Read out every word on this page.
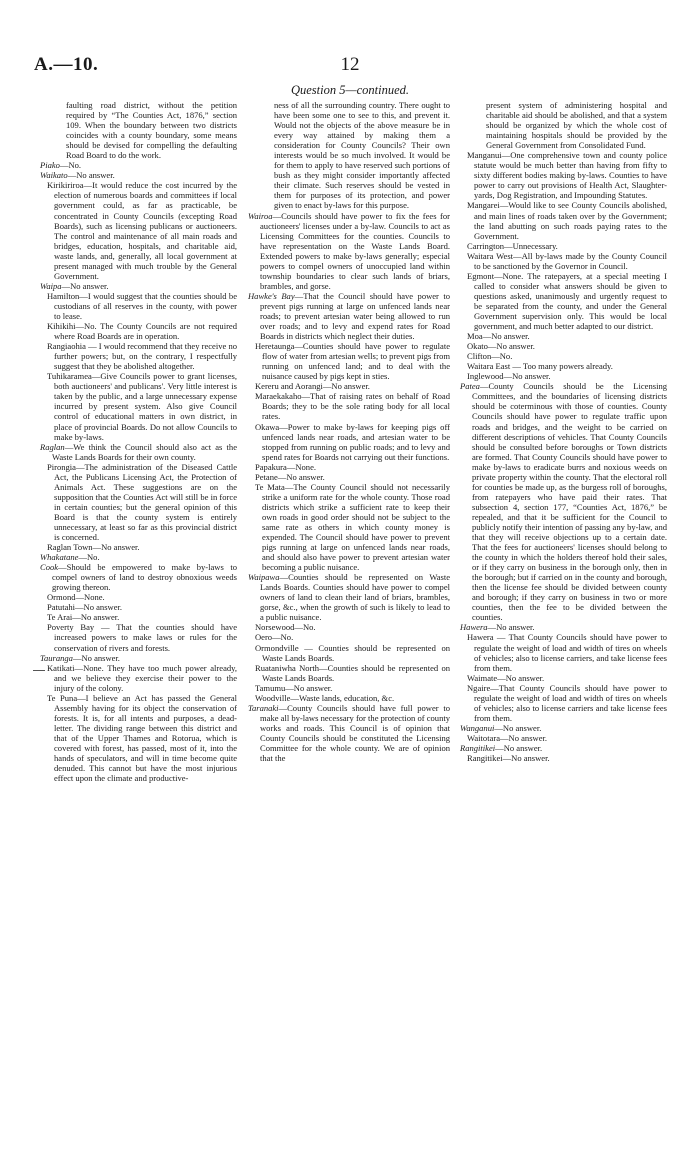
A.—10.	12
Question 5—continued.

faulting road district, without the petition required by “The Counties Act, 1876,” section 109. When the boundary between two districts coincides with a county boundary, some means should be devised for compelling the defaulting Road Board to do the work.

Piako—No.

Waikato—No answer.

Kirikiriroa—It would reduce the cost incurred by the election of numerous boards and committees if local government could, as far as practicable, be concentrated in County Councils (excepting Road Boards), such as licensing publicans or auctioneers. The control and maintenance of all main roads and bridges, education, hospitals, and charitable aid, waste lands, and, generally, all local government at present managed with much trouble by the General Government.

Waipa—No answer.

Hamilton—I would suggest that the counties should be custodians of all reserves in the county, with power to lease.

Kihikihi—No. The County Councils are not required where Road Boards are in operation.

Rangiaohia — I would recommend that they receive no further powers; but, on the contrary, I respectfully suggest that they be abolished altogether.

Tuhikaramea—Give Councils power to grant licenses, both auctioneers' and publicans'. Very little interest is taken by the public, and a large unnecessary expense incurred by present system. Also give Council control of educational matters in own district, in place of provincial Boards. Do not allow Councils to make by-laws.

Raglan—We think the Council should also act as the Waste Lands Boards for their own county.

Pirongia—The administration of the Diseased Cattle Act, the Publicans Licensing Act, the Protection of Animals Act. These suggestions are on the supposition that the Counties Act will still be in force in certain counties; but the general opinion of this Board is that the county system is entirely unnecessary, at least so far as this provincial district is concerned.

Raglan Town—No answer.

Whakatane—No.

Cook—Should be empowered to make by-laws to compel owners of land to destroy obnoxious weeds growing thereon.

Ormond—None.

Patutahi—No answer.

Te Arai—No answer.

Poverty Bay — That the counties should have increased powers to make laws or rules for the conservation of rivers and forests.

Tauranga—No answer.

Katikati—None. They have too much power already, and we believe they exercise their power to the injury of the colony.

Te Puna—I believe an Act has passed the General Assembly having for its object the conservation of forests. It is, for all intents and purposes, a dead-letter. The dividing range between this district and that of the Upper Thames and Rotorua, which is covered with forest, has passed, most of it, into the hands of speculators, and will in time become quite denuded. This cannot but have the most injurious effect upon the climate and productive-

ness of all the surrounding country. There ought to have been some one to see to this, and prevent it. Would not the objects of the above measure be in every way attained by making them a consideration for County Councils? Their own interests would be so much involved. It would be for them to apply to have reserved such portions of bush as they might consider importantly affected their climate. Such reserves should be vested in them for purposes of its protection, and power given to enact by-laws for this purpose.

Wairoa—Councils should have power to fix the fees for auctioneers' licenses under a by-law. Councils to act as Licensing Committees for the counties. Councils to have representation on the Waste Lands Board. Extended powers to make by-laws generally; especial powers to compel owners of unoccupied land within township boundaries to clear such lands of briars, brambles, and gorse.

Hawke's Bay—That the Council should have power to prevent pigs running at large on unfenced lands near roads; to prevent artesian water being allowed to run over roads; and to levy and expend rates for Road Boards in districts which neglect their duties.

Heretaunga—Counties should have power to regulate flow of water from artesian wells; to prevent pigs from running on unfenced land; and to deal with the nuisance caused by pigs kept in sties.

Kereru and Aorangi—No answer.

Maraekakaho—That of raising rates on behalf of Road Boards; they to be the sole rating body for all local rates.

Okawa—Power to make by-laws for keeping pigs off unfenced lands near roads, and artesian water to be stopped from running on public roads; and to levy and spend rates for Boards not carrying out their functions.

Papakura—None.

Petane—No answer.

Te Mata—The County Council should not necessarily strike a uniform rate for the whole county. Those road districts which strike a sufficient rate to keep their own roads in good order should not be subject to the same rate as others in which county money is expended. The Council should have power to prevent pigs running at large on unfenced lands near roads, and should also have power to prevent artesian water becoming a public nuisance.

Waipawa—Counties should be represented on Waste Lands Boards. Counties should have power to compel owners of land to clean their land of briars, brambles, gorse, &c., when the growth of such is likely to lead to a public nuisance.

Norsewood—No.

Oero—No.

Ormondville — Counties should be represented on Waste Lands Boards.

Ruataniwha North—Counties should be represented on Waste Lands Boards.

Tamumu—No answer.

Woodville—Waste lands, education, &c.

Taranaki—County Councils should have full power to make all by-laws necessary for the protection of county works and roads. This Council is of opinion that County Councils should be constituted the Licensing Committee for the whole county. We are of opinion that the

present system of administering hospital and charitable aid should be abolished, and that a system should be organized by which the whole cost of maintaining hospitals should be provided by the General Government from Consolidated Fund.

Manganui—One comprehensive town and county police statute would be much better than having from fifty to sixty different bodies making by-laws. Counties to have power to carry out provisions of Health Act, Slaughter-yards, Dog Registration, and Impounding Statutes.

Mangarei—Would like to see County Councils abolished, and main lines of roads taken over by the Government; the land abutting on such roads paying rates to the Government.

Carrington—Unnecessary.

Waitara West—All by-laws made by the County Council to be sanctioned by the Governor in Council.

Egmont—None. The ratepayers, at a special meeting I called to consider what answers should be given to questions asked, unanimously and urgently request to be separated from the county, and under the General Government supervision only. This would be local government, and much better adapted to our district.

Moa—No answer.

Okato—No answer.

Clifton—No.

Waitara East — Too many powers already.

Inglewood—No answer.

Patea—County Councils should be the Licensing Committees, and the boundaries of licensing districts should be coterminous with those of counties. County Councils should have power to regulate traffic upon roads and bridges, and the weight to be carried on different descriptions of vehicles. That County Councils should be consulted before boroughs or Town districts are formed. That County Councils should have power to make by-laws to eradicate burrs and noxious weeds on private property within the county. That the electoral roll for counties be made up, as the burgess roll of boroughs, from ratepayers who have paid their rates. That subsection 4, section 177, “Counties Act, 1876,” be repealed, and that it be sufficient for the Council to publicly notify their intention of passing any by-law, and that they will receive objections up to a certain date. That the fees for auctioneers' licenses should belong to the county in which the holders thereof hold their sales, or if they carry on business in the borough only, then in the borough; but if carried on in the county and borough, then the license fee should be divided between county and borough; if they carry on business in two or more counties, then the fee to be divided between the counties.

Hawera—No answer.

Hawera — That County Councils should have power to regulate the weight of load and width of tires on wheels of vehicles; also to license carriers, and take license fees from them.

Waimate—No answer.

Ngaire—That County Councils should have power to regulate the weight of load and width of tires on wheels of vehicles; also to license carriers and take license fees from them.

Wanganui—No answer.

Waitotara—No answer.

Rangitikei—No answer.

Rangitikei—No answer.
